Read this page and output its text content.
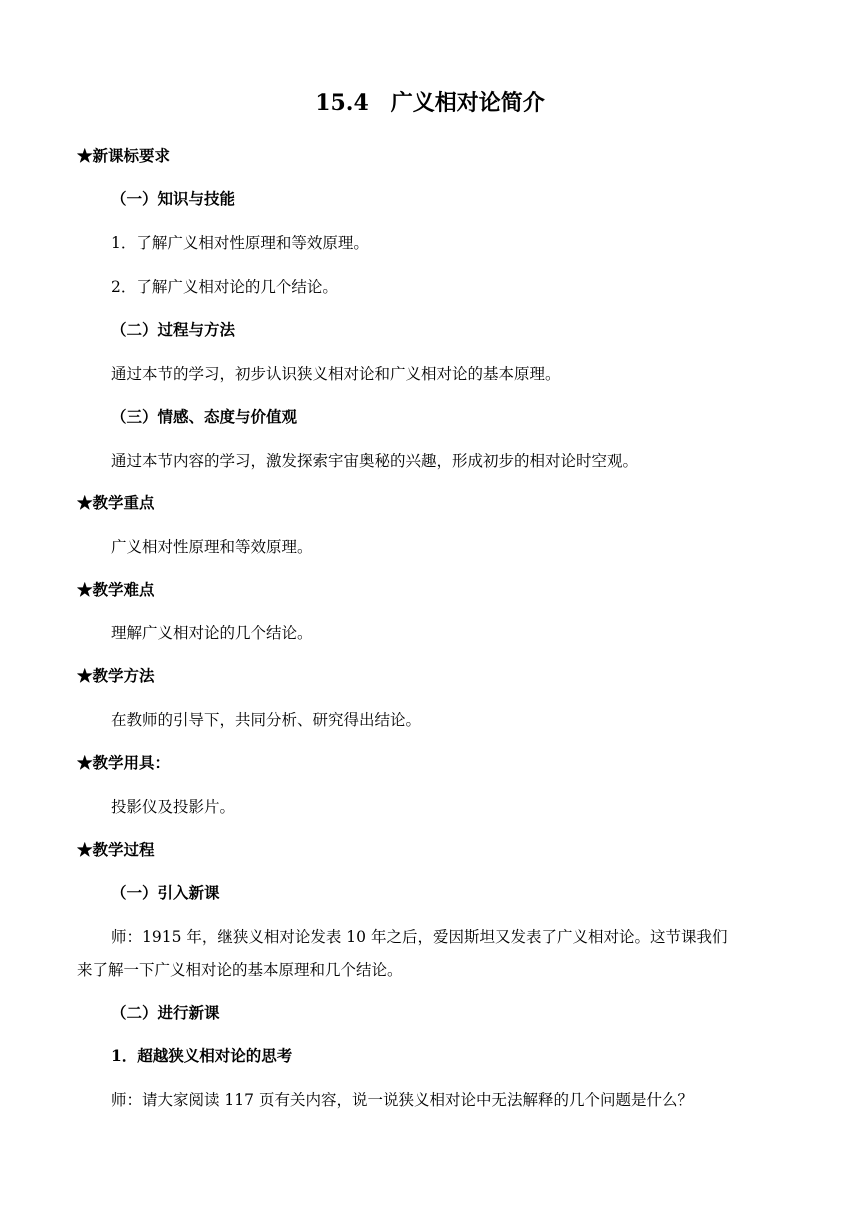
15.4 广义相对论简介
★新课标要求
（一）知识与技能
1．了解广义相对性原理和等效原理。
2．了解广义相对论的几个结论。
（二）过程与方法
通过本节的学习，初步认识狭义相对论和广义相对论的基本原理。
（三）情感、态度与价值观
通过本节内容的学习，激发探索宇宙奥秘的兴趣，形成初步的相对论时空观。
★教学重点
广义相对性原理和等效原理。
★教学难点
理解广义相对论的几个结论。
★教学方法
在教师的引导下，共同分析、研究得出结论。
★教学用具：
投影仪及投影片。
★教学过程
（一）引入新课
师：1915 年，继狭义相对论发表 10 年之后，爱因斯坦又发表了广义相对论。这节课我们
来了解一下广义相对论的基本原理和几个结论。
（二）进行新课
1．超越狭义相对论的思考
师：请大家阅读 117 页有关内容，说一说狭义相对论中无法解释的几个问题是什么？
